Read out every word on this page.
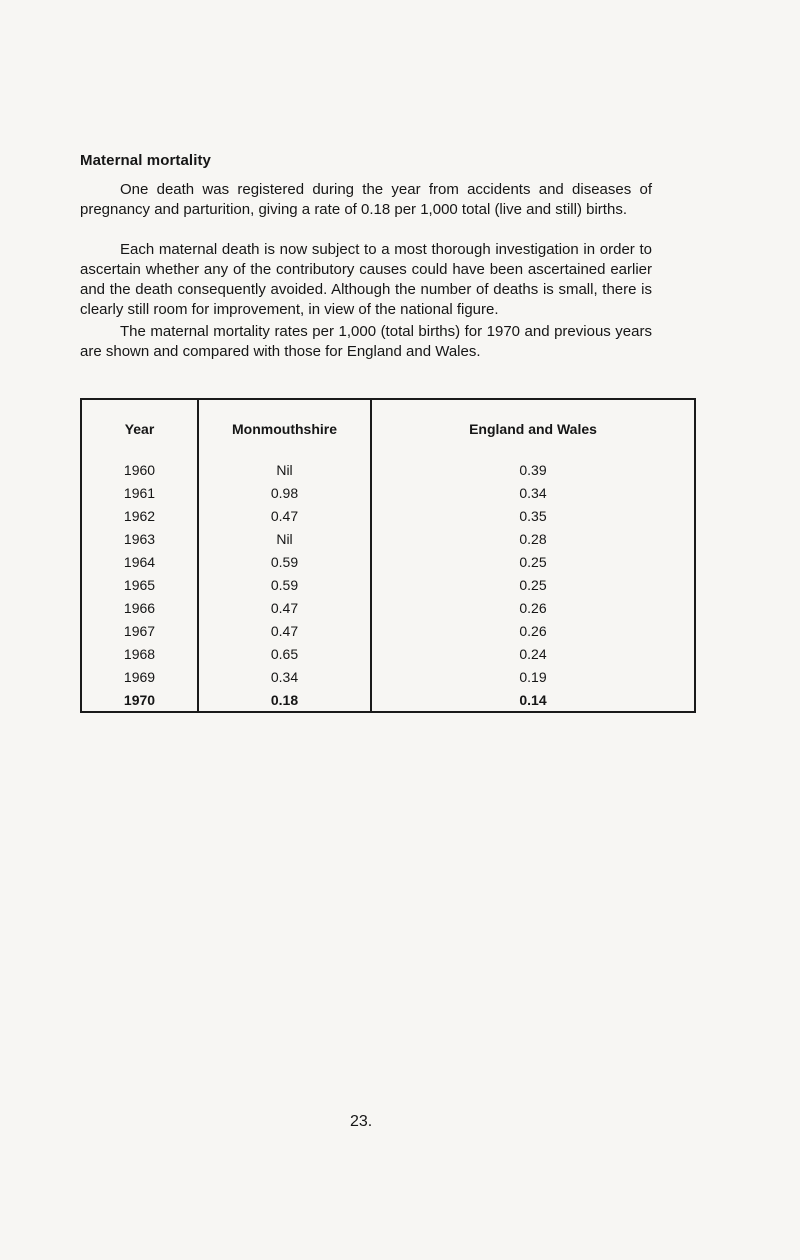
Maternal mortality

One death was registered during the year from accidents and diseases of pregnancy and parturition, giving a rate of 0.18 per 1,000 total (live and still) births.

Each maternal death is now subject to a most thorough investigation in order to ascertain whether any of the contributory causes could have been ascertained earlier and the death consequently avoided. Although the number of deaths is small, there is clearly still room for improvement, in view of the national figure.

The maternal mortality rates per 1,000 (total births) for 1970 and previous years are shown and compared with those for England and Wales.

Year	Monmouthshire	England and Wales
1960	Nil	0.39
1961	0.98	0.34
1962	0.47	0.35
1963	Nil	0.28
1964	0.59	0.25
1965	0.59	0.25
1966	0.47	0.26
1967	0.47	0.26
1968	0.65	0.24
1969	0.34	0.19
1970	0.18	0.14
23.
